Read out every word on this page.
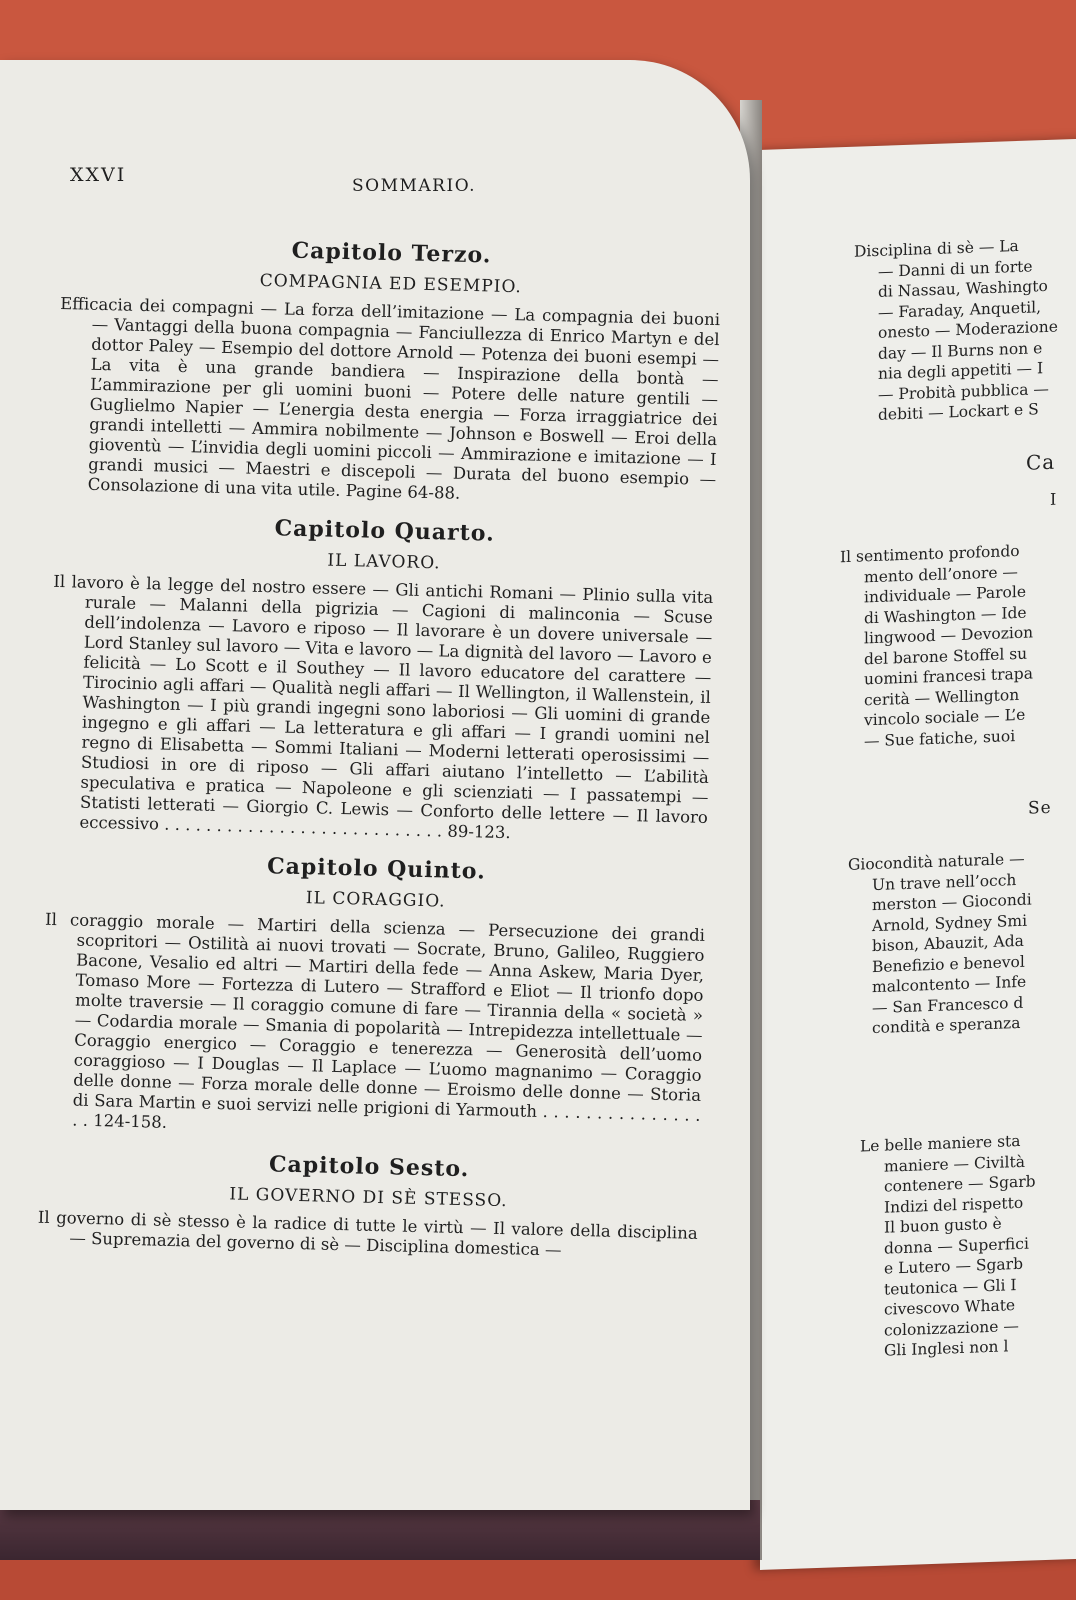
Disciplina di sè — La
— Danni di un forte
di Nassau, Washingto
— Faraday, Anquetil,
onesto — Moderazione
day — Il Burns non e
nia degli appetiti — I
— Probità pubblica —
debiti — Lockart e S
Ca
I
Il sentimento profondo
mento dell’onore —
individuale — Parole
di Washington — Ide
lingwood — Devozion
del barone Stoffel su
uomini francesi trapa
cerità — Wellington
vincolo sociale — L’e
— Sue fatiche, suoi
Se
Giocondità naturale —
Un trave nell’occh
merston — Giocondi
Arnold, Sydney Smi
bison, Abauzit, Ada
Benefizio e benevol
malcontento — Infe
— San Francesco d
condità e speranza
Le belle maniere sta
maniere — Civiltà
contenere — Sgarb
Indizi del rispetto
Il buon gusto è
donna — Superfici
e Lutero — Sgarb
teutonica — Gli I
civescovo Whate
colonizzazione —
Gli Inglesi non l
XXVI	SOMMARIO.
Capitolo Terzo.
COMPAGNIA ED ESEMPIO.

Efficacia dei compagni — La forza dell’imitazione — La compagnia dei buoni — Vantaggi della buona compagnia — Fanciullezza di Enrico Martyn e del dottor Paley — Esempio del dottore Arnold — Potenza dei buoni esempi — La vita è una grande bandiera — Inspirazione della bontà — L’ammirazione per gli uomini buoni — Potere delle nature gentili — Guglielmo Napier — L’energia desta energia — Forza irraggiatrice dei grandi intelletti — Ammira nobilmente — Johnson e Boswell — Eroi della gioventù — L’invidia degli uomini piccoli — Ammirazione e imitazione — I grandi musici — Maestri e discepoli — Durata del buono esempio — Consolazione di una vita utile. Pagine 64-88.

Capitolo Quarto.
IL LAVORO.

Il lavoro è la legge del nostro essere — Gli antichi Romani — Plinio sulla vita rurale — Malanni della pigrizia — Cagioni di malinconia — Scuse dell’indolenza — Lavoro e riposo — Il lavorare è un dovere universale — Lord Stanley sul lavoro — Vita e lavoro — La dignità del lavoro — Lavoro e felicità — Lo Scott e il Southey — Il lavoro educatore del carattere — Tirocinio agli affari — Qualità negli affari — Il Wellington, il Wallenstein, il Washington — I più grandi ingegni sono laboriosi — Gli uomini di grande ingegno e gli affari — La letteratura e gli affari — I grandi uomini nel regno di Elisabetta — Sommi Italiani — Moderni letterati operosissimi — Studiosi in ore di riposo — Gli affari aiutano l’intelletto — L’abilità speculativa e pratica — Napoleone e gli scienziati — I passatempi — Statisti letterati — Giorgio C. Lewis — Conforto delle lettere — Il lavoro eccessivo . . . . . . . . . . . . . . . . . . . . . . . . . . . 89-123.

Capitolo Quinto.
IL CORAGGIO.

Il coraggio morale — Martiri della scienza — Persecuzione dei grandi scopritori — Ostilità ai nuovi trovati — Socrate, Bruno, Galileo, Ruggiero Bacone, Vesalio ed altri — Martiri della fede — Anna Askew, Maria Dyer, Tomaso More — Fortezza di Lutero — Strafford e Eliot — Il trionfo dopo molte traversie — Il coraggio comune di fare — Tirannia della « società » — Codardia morale — Smania di popolarità — Intrepidezza intellettuale — Coraggio energico — Coraggio e tenerezza — Generosità dell’uomo coraggioso — I Douglas — Il Laplace — L’uomo magnanimo — Coraggio delle donne — Forza morale delle donne — Eroismo delle donne — Storia di Sara Martin e suoi servizi nelle prigioni di Yarmouth . . . . . . . . . . . . . . . . . 124-158.

Capitolo Sesto.
IL GOVERNO DI SÈ STESSO.

Il governo di sè stesso è la radice di tutte le virtù — Il valore della disciplina — Supremazia del governo di sè — Disciplina domestica —
